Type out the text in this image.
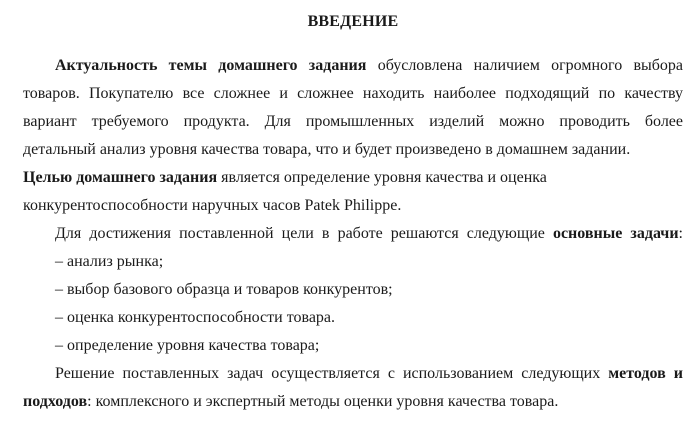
ВВЕДЕНИЕ
Актуальность темы домашнего задания обусловлена наличием огромного выбора
товаров. Покупателю все сложнее и сложнее находить наиболее подходящий по качеству
вариант требуемого продукта. Для промышленных изделий можно проводить более
детальный анализ уровня качества товара, что и будет произведено в домашнем задании.
Целью домашнего задания является определение уровня качества и оценка
конкурентоспособности наручных часов Patek Philippe.
Для достижения поставленной цели в работе решаются следующие основные задачи:
– анализ рынка;
– выбор базового образца и товаров конкурентов;
– оценка конкурентоспособности товара.
– определение уровня качества товара;
Решение поставленных задач осуществляется с использованием следующих методов и
подходов: комплексного и экспертный методы оценки уровня качества товара.
